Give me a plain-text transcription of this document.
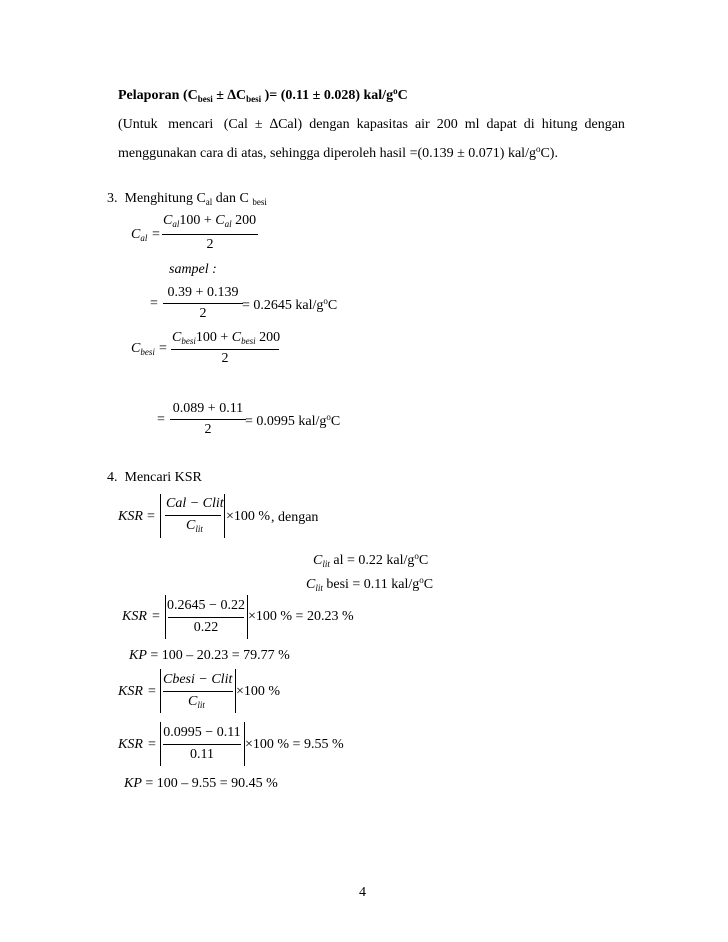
Pelaporan ($C_{besi} \pm \Delta C_{besi}$ )= (0.11 ± 0.028) kal/$g^oC$
(Untuk   mencari   (Cal  ±  ∆Cal)  dengan  kapasitas  air  200  ml  dapat  di  hitung  dengan
menggunakan cara di atas, sehingga diperoleh hasil =(0.139 ± 0.071) kal/$g^oC$).
3. Menghitung $C_{al}$ dan C $_{besi}$
$C_{al}$ =
$C_{al}100 + C_{al}$ 200
2
sampel :
=
0.39 + 0.139
2
= 0.2645 kal/$g^oC$
$C_{besi}$ =
$C_{besi}100 + C_{besi}$ 200
2
=
0.089 + 0.11
2
= 0.0995 kal/$g^oC$
4. Mencari KSR
KSR =
Cal − Clit
$C_{lit}$
×100 % , dengan
$C_{lit}$ al = 0.22 kal/$g^oC$
$C_{lit}$ besi = 0.11 kal/$g^oC$
KSR =
0.2645 − 0.22
0.22
×100 % = 20.23 %
KP = 100 – 20.23 = 79.77 %
KSR =
Cbesi − Clit
$C_{lit}$
×100 %
KSR =
0.0995 − 0.11
0.11
×100 % = 9.55 %
KP = 100 – 9.55 = 90.45 %
4
